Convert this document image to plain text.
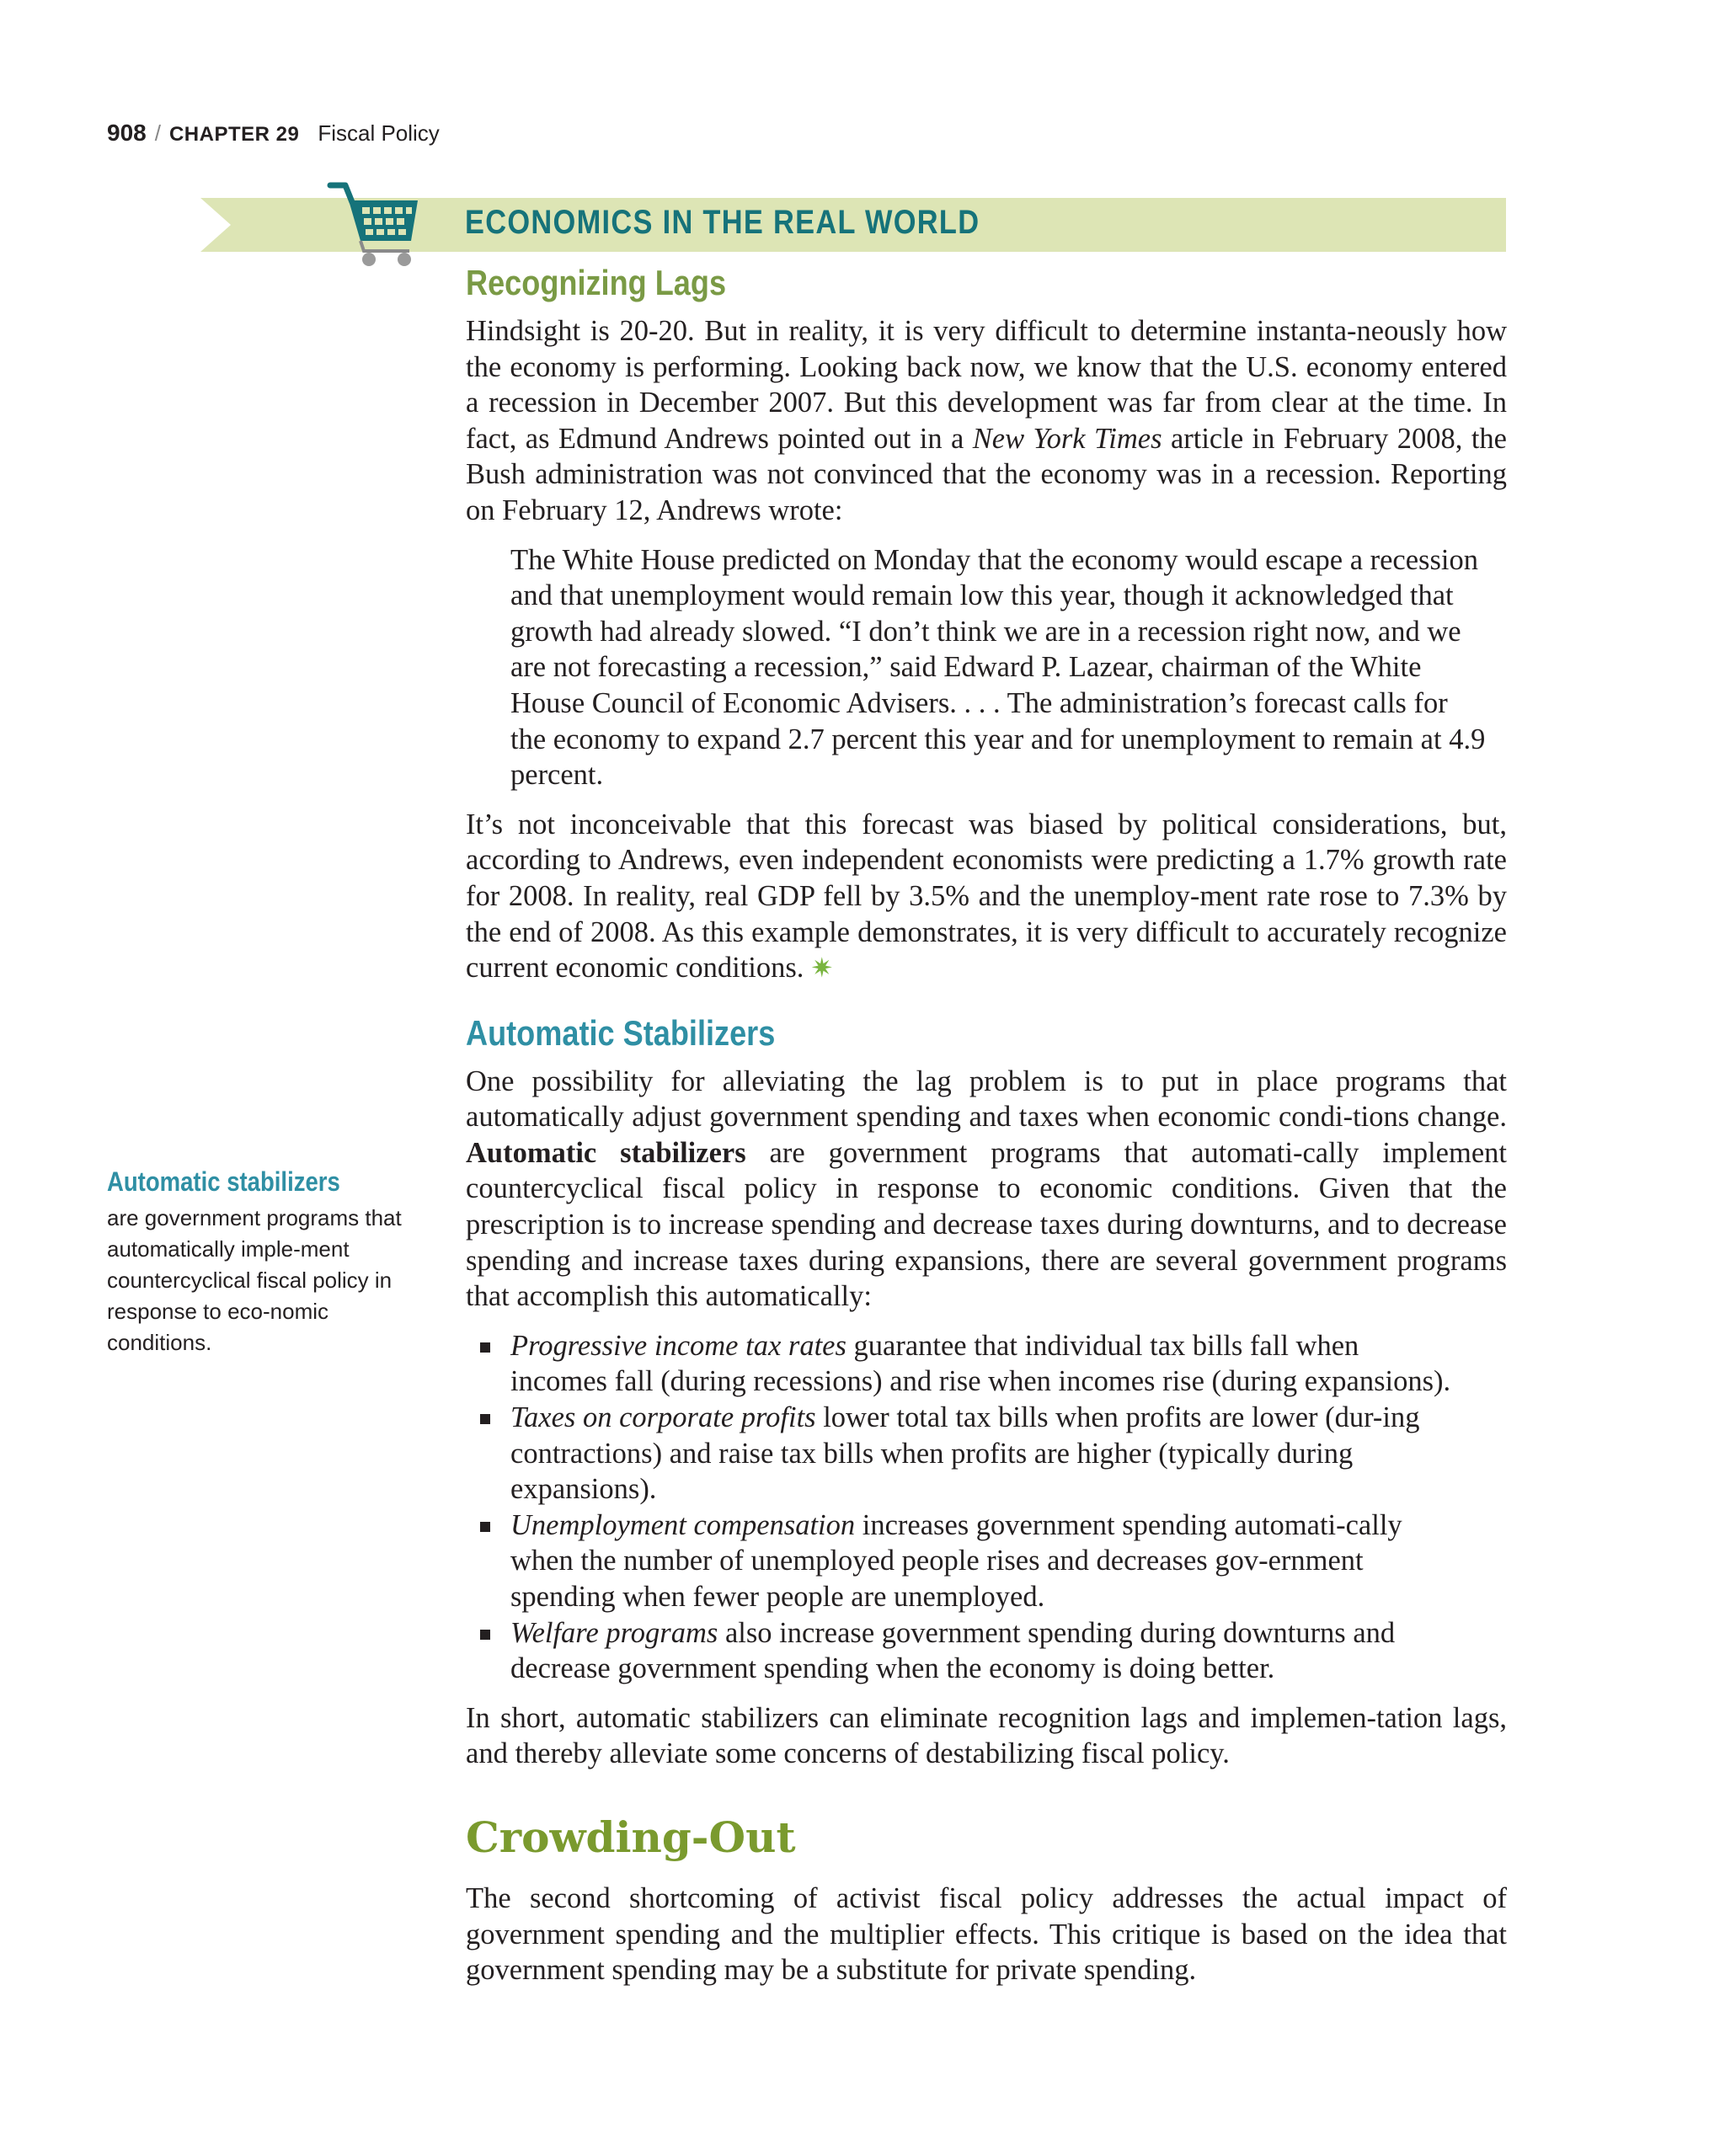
908 / CHAPTER 29 Fiscal Policy
ECONOMICS IN THE REAL WORLD
Recognizing Lags

Hindsight is 20-20. But in reality, it is very difficult to determine instanta-neously how the economy is performing. Looking back now, we know that the U.S. economy entered a recession in December 2007. But this development was far from clear at the time. In fact, as Edmund Andrews pointed out in a New York Times article in February 2008, the Bush administration was not convinced that the economy was in a recession. Reporting on February 12, Andrews wrote:

The White House predicted on Monday that the economy would escape a recession and that unemployment would remain low this year, though it acknowledged that growth had already slowed. “I don’t think we are in a recession right now, and we are not forecasting a recession,” said Edward P. Lazear, chairman of the White House Council of Economic Advisers. . . . The administration’s forecast calls for the economy to expand 2.7 percent this year and for unemployment to remain at 4.9 percent.

It’s not inconceivable that this forecast was biased by political considerations, but, according to Andrews, even independent economists were predicting a 1.7% growth rate for 2008. In reality, real GDP fell by 3.5% and the unemploy-ment rate rose to 7.3% by the end of 2008. As this example demonstrates, it is very difficult to accurately recognize current economic conditions. ✷

Automatic Stabilizers

One possibility for alleviating the lag problem is to put in place programs that automatically adjust government spending and taxes when economic condi-tions change. Automatic stabilizers are government programs that automati-cally implement countercyclical fiscal policy in response to economic conditions. Given that the prescription is to increase spending and decrease taxes during downturns, and to decrease spending and increase taxes during expansions, there are several government programs that accomplish this automatically:

Progressive income tax rates guarantee that individual tax bills fall when incomes fall (during recessions) and rise when incomes rise (during expansions).
Taxes on corporate profits lower total tax bills when profits are lower (dur-ing contractions) and raise tax bills when profits are higher (typically during expansions).
Unemployment compensation increases government spending automati-cally when the number of unemployed people rises and decreases gov-ernment spending when fewer people are unemployed.
Welfare programs also increase government spending during downturns and decrease government spending when the economy is doing better.

In short, automatic stabilizers can eliminate recognition lags and implemen-tation lags, and thereby alleviate some concerns of destabilizing fiscal policy.

Crowding-Out

The second shortcoming of activist fiscal policy addresses the actual impact of government spending and the multiplier effects. This critique is based on the idea that government spending may be a substitute for private spending.

Automatic stabilizers
are government programs that automatically imple-ment countercyclical fiscal policy in response to eco-nomic conditions.
